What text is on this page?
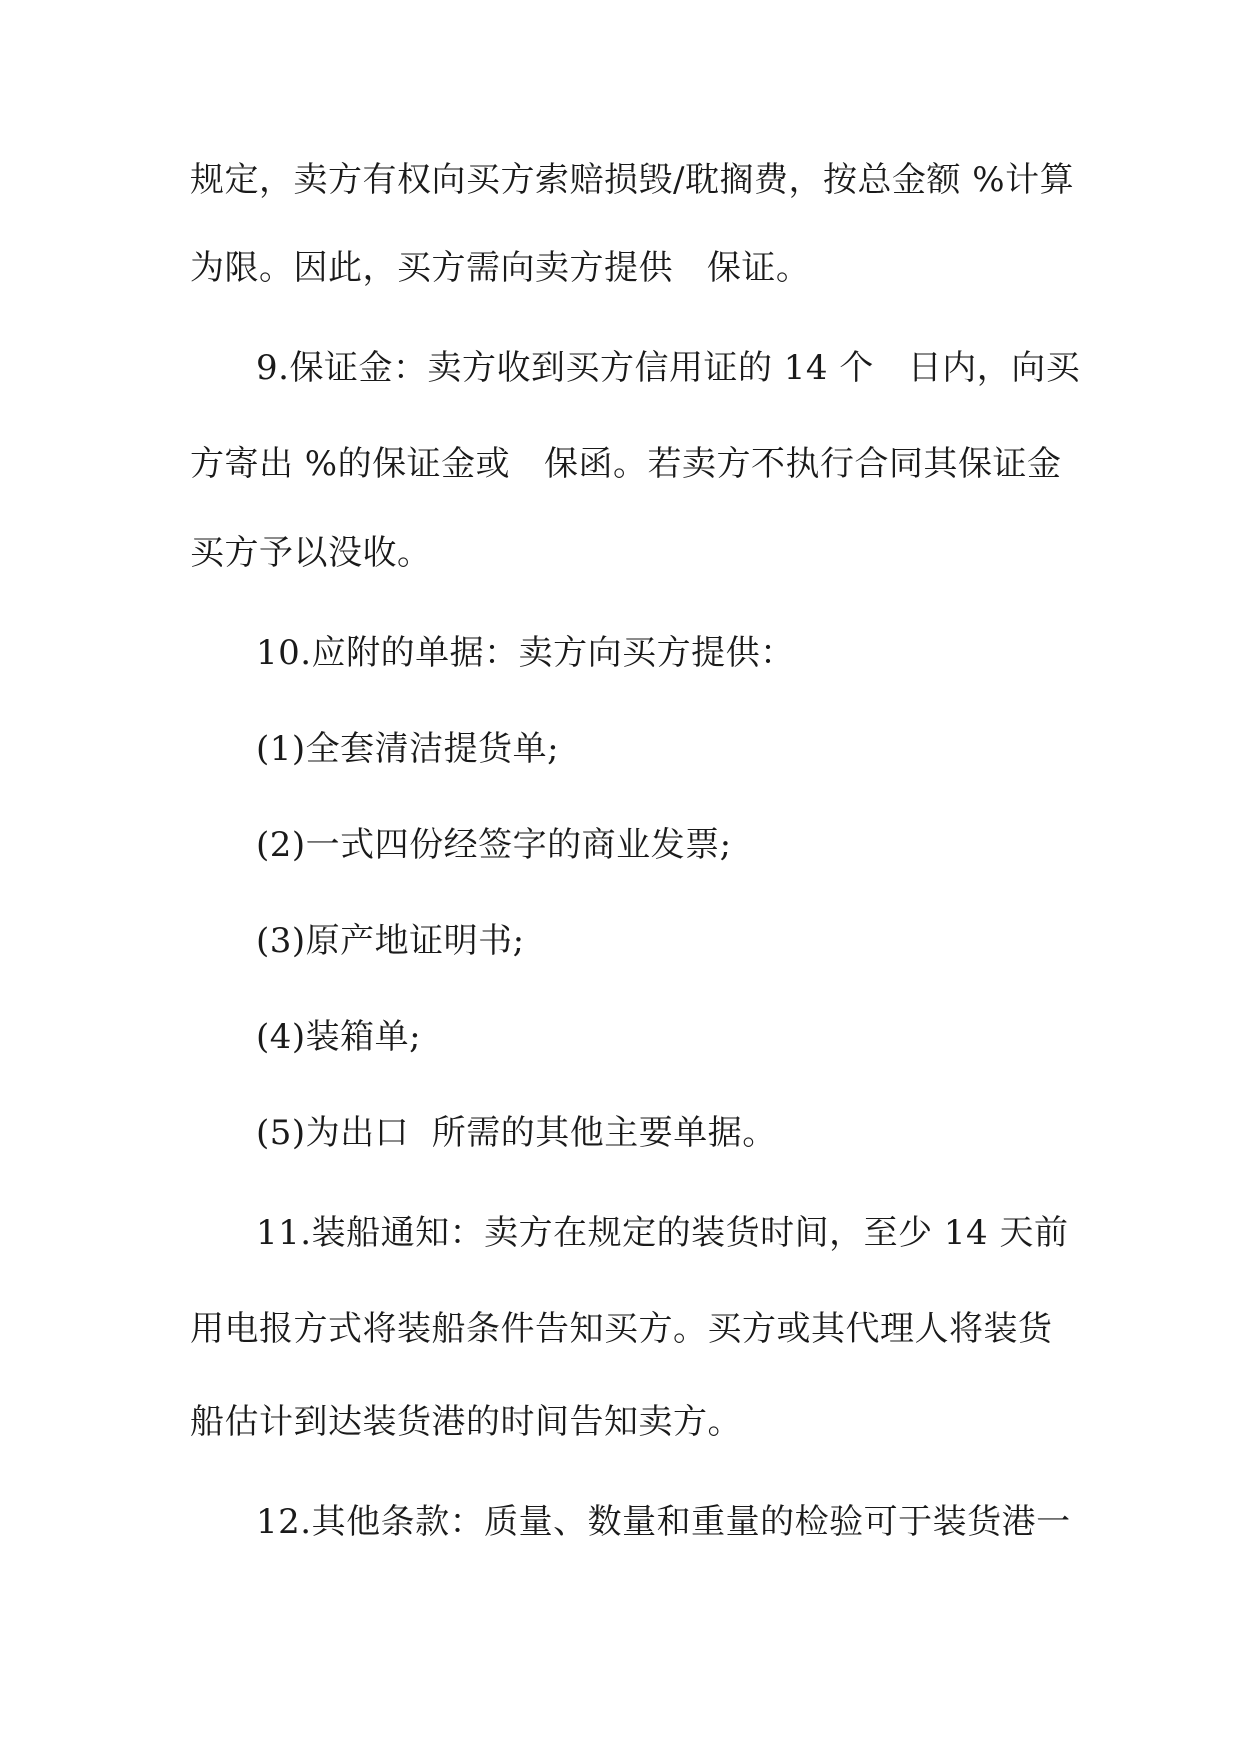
规定，卖方有权向买方索赔损毁/耽搁费，按总金额 %计算
为限。因此，买方需向卖方提供   保证。
9.保证金：卖方收到买方信用证的 14 个   日内，向买
方寄出 %的保证金或   保函。若卖方不执行合同其保证金
买方予以没收。
10.应附的单据：卖方向买方提供：
(1)全套清洁提货单;
(2)一式四份经签字的商业发票;
(3)原产地证明书;
(4)装箱单;
(5)为出口  所需的其他主要单据。
11.装船通知：卖方在规定的装货时间，至少 14 天前
用电报方式将装船条件告知买方。买方或其代理人将装货
船估计到达装货港的时间告知卖方。
12.其他条款：质量、数量和重量的检验可于装货港一
